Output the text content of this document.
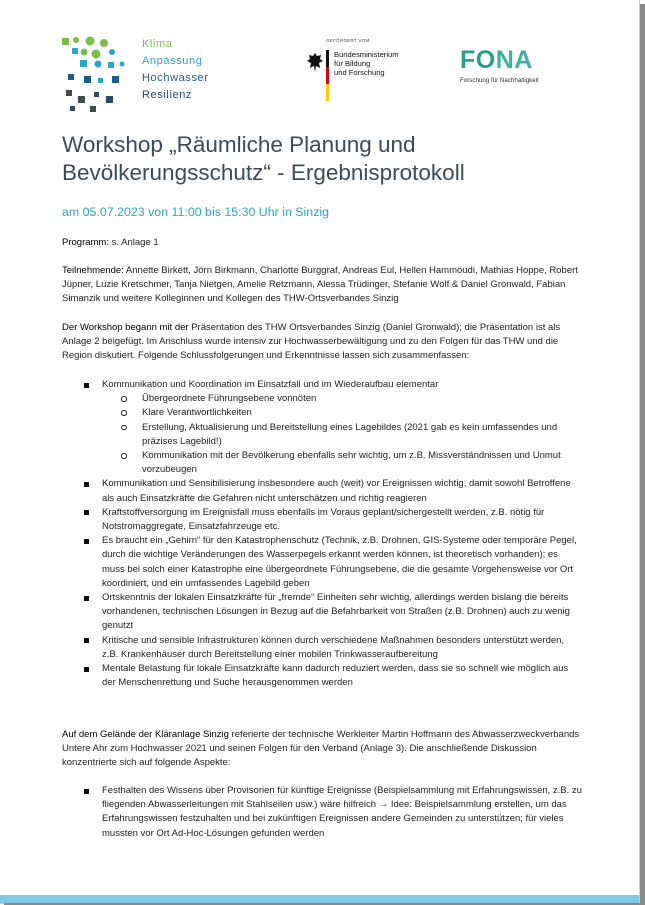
Klima
Anpassung
Hochwasser
Resilienz
GEFÖRDERT VOM
Bundesministerium
für Bildung
und Forschung	FONA
Forschung für Nachhaltigkeit
Workshop „Räumliche Planung und Bevölkerungsschutz“ - Ergebnisprotokoll
am 05.07.2023 von 11:00 bis 15:30 Uhr in Sinzig
Programm: s. Anlage 1
Teilnehmende: Annette Birkett, Jörn Birkmann, Charlotte Burggraf, Andreas Eul, Hellen Hammoudi, Mathias Hoppe, Robert Jüpner, Luzie Kretschmer, Tanja Nietgen, Amelie Retzmann, Alessa Trüdinger, Stefanie Wolf & Daniel Gronwald, Fabian Simanzik und weitere Kolleginnen und Kollegen des THW-Ortsverbandes Sinzig
Der Workshop begann mit der Präsentation des THW Ortsverbandes Sinzig (Daniel Gronwald); die Präsentation ist als Anlage 2 beigefügt. Im Anschluss wurde intensiv zur Hochwasserbewältigung und zu den Folgen für das THW und die Region diskutiert. Folgende Schlussfolgerungen und Erkenntnisse lassen sich zusammenfassen:
Kommunikation und Koordination im Einsatzfall und im Wiederaufbau elementar
Übergeordnete Führungsebene vonnöten
Klare Verantwortlichkeiten
Erstellung, Aktualisierung und Bereitstellung eines Lagebildes (2021 gab es kein umfassendes und präzises Lagebild!)
Kommunikation mit der Bevölkerung ebenfalls sehr wichtig, um z.B. Missverständnissen und Unmut vorzubeugen
Kommunikation und Sensibilisierung insbesondere auch (weit) vor Ereignissen wichtig, damit sowohl Betroffene als auch Einsatzkräfte die Gefahren nicht unterschätzen und richtig reagieren
Kraftstoffversorgung im Ereignisfall muss ebenfalls im Voraus geplant/sichergestellt werden, z.B. nötig für Notstromaggregate, Einsatzfahrzeuge etc.
Es braucht ein „Gehirn“ für den Katastrophenschutz (Technik, z.B. Drohnen, GIS-Systeme oder temporäre Pegel, durch die wichtige Veränderungen des Wasserpegels erkannt werden können, ist theoretisch vorhanden); es muss bei solch einer Katastrophe eine übergeordnete Führungsebene, die die gesamte Vorgehensweise vor Ort koordiniert, und ein umfassendes Lagebild geben
Ortskenntnis der lokalen Einsatzkräfte für „fremde“ Einheiten sehr wichtig, allerdings werden bislang die bereits vorhandenen, technischen Lösungen in Bezug auf die Befahrbarkeit von Straßen (z.B. Drohnen) auch zu wenig genutzt
Kritische und sensible Infrastrukturen können durch verschiedene Maßnahmen besonders unterstützt werden, z.B. Krankenhäuser durch Bereitstellung einer mobilen Trinkwasseraufbereitung
Mentale Belastung für lokale Einsatzkräfte kann dadurch reduziert werden, dass sie so schnell wie möglich aus der Menschenrettung und Suche herausgenommen werden
Auf dem Gelände der Kläranlage Sinzig referierte der technische Werkleiter Martin Hoffmann des Abwasserzweckverbands Untere Ahr zum Hochwasser 2021 und seinen Folgen für den Verband (Anlage 3). Die anschließende Diskussion konzentrierte sich auf folgende Aspekte:
Festhalten des Wissens über Provisorien für künftige Ereignisse (Beispielsammlung mit Erfahrungswissen, z.B. zu fliegenden Abwasserleitungen mit Stahlseilen usw.) wäre hilfreich → Idee: Beispielsammlung erstellen, um das Erfahrungswissen festzuhalten und bei zukünftigen Ereignissen andere Gemeinden zu unterstützen; für vieles mussten vor Ort Ad-Hoc-Lösungen gefunden werden
